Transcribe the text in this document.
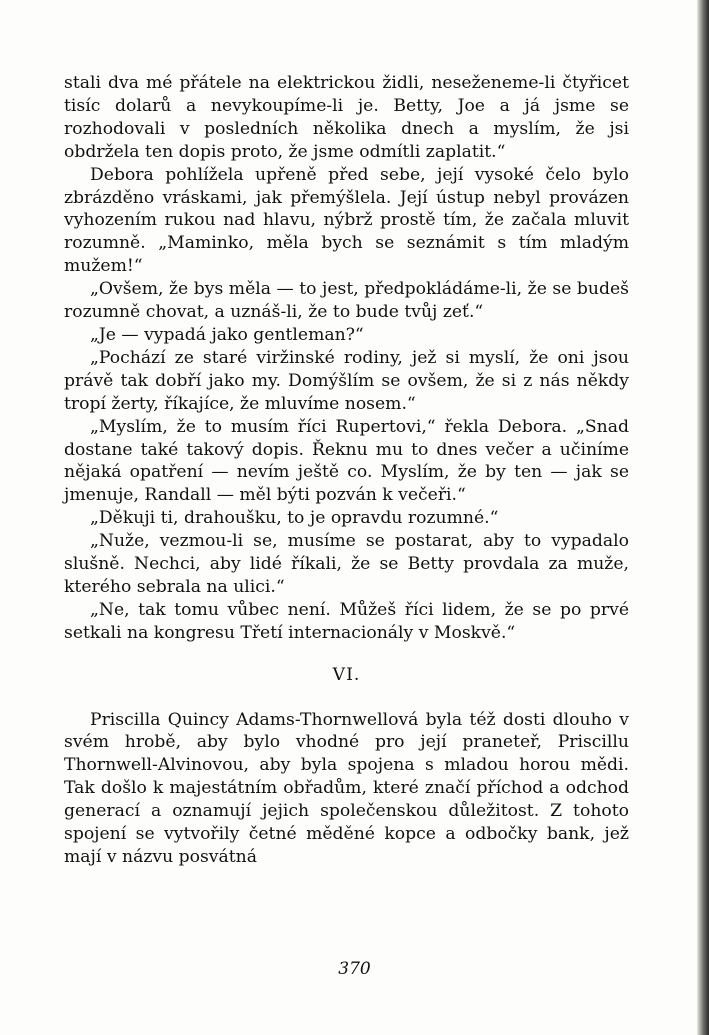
stali dva mé přátele na elektrickou židli, neseženeme-li čtyřicet tisíc dolarů a nevykoupíme-li je. Betty, Joe a já jsme se rozhodovali v posledních několika dnech a myslím, že jsi obdržela ten dopis proto, že jsme odmítli zaplatit.“

Debora pohlížela upřeně před sebe, její vysoké čelo bylo zbrázděno vráskami, jak přemýšlela. Její ústup nebyl provázen vyhozením rukou nad hlavu, nýbrž prostě tím, že začala mluvit rozumně. „Maminko, měla bych se seznámit s tím mladým mužem!“

„Ovšem, že bys měla — to jest, předpokládáme-li, že se budeš rozumně chovat, a uznáš-li, že to bude tvůj zeť.“

„Je — vypadá jako gentleman?“

„Pochází ze staré viržinské rodiny, jež si myslí, že oni jsou právě tak dobří jako my. Domýšlím se ovšem, že si z nás někdy tropí žerty, říkajíce, že mluvíme nosem.“

„Myslím, že to musím říci Rupertovi,“ řekla Debora. „Snad dostane také takový dopis. Řeknu mu to dnes večer a učiníme nějaká opatření — nevím ještě co. Myslím, že by ten — jak se jmenuje, Randall — měl býti pozván k večeři.“

„Děkuji ti, drahoušku, to je opravdu rozumné.“

„Nuže, vezmou-li se, musíme se postarat, aby to vypadalo slušně. Nechci, aby lidé říkali, že se Betty provdala za muže, kterého sebrala na ulici.“

„Ne, tak tomu vůbec není. Můžeš říci lidem, že se po prvé setkali na kongresu Třetí internacionály v Moskvě.“

VI.

Priscilla Quincy Adams-Thornwellová byla též dosti dlouho v svém hrobě, aby bylo vhodné pro její praneteř, Priscillu Thornwell-Alvinovou, aby byla spojena s mladou horou mědi. Tak došlo k majestátním obřadům, které značí příchod a odchod generací a oznamují jejich společenskou důležitost. Z tohoto spojení se vytvořily četné měděné kopce a odbočky bank, jež mají v názvu posvátná

370
